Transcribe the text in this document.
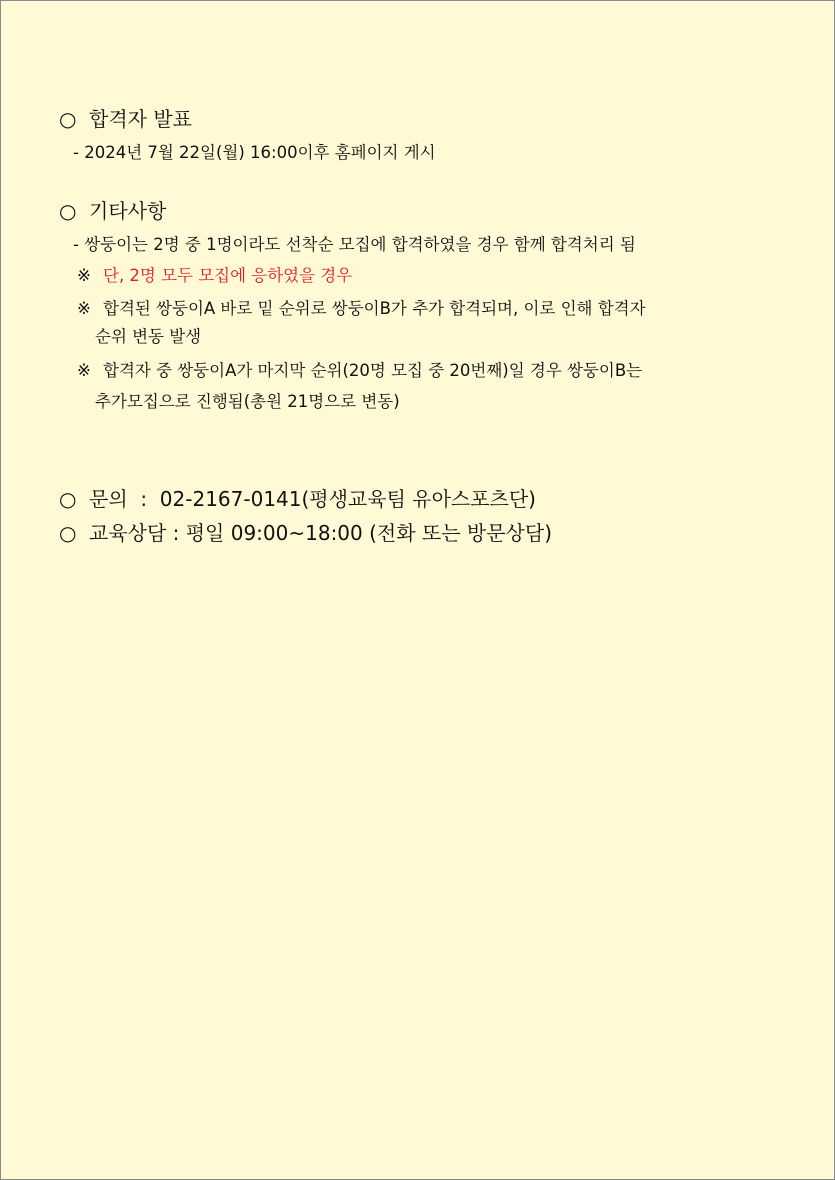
○ 합격자 발표
- 2024년 7월 22일(월) 16:00이후 홈페이지 게시
○ 기타사항
- 쌍둥이는 2명 중 1명이라도 선착순 모집에 합격하였을 경우 함께 합격처리 됨
※ 단, 2명 모두 모집에 응하였을 경우
※ 합격된 쌍둥이A 바로 밑 순위로 쌍둥이B가 추가 합격되며, 이로 인해 합격자
순위 변동 발생
※ 합격자 중 쌍둥이A가 마지막 순위(20명 모집 중 20번째)일 경우 쌍둥이B는
추가모집으로 진행됨(총원 21명으로 변동)
○ 문의  :  02-2167-0141(평생교육팀 유아스포츠단)
○ 교육상담 : 평일 09:00~18:00 (전화 또는 방문상담)
